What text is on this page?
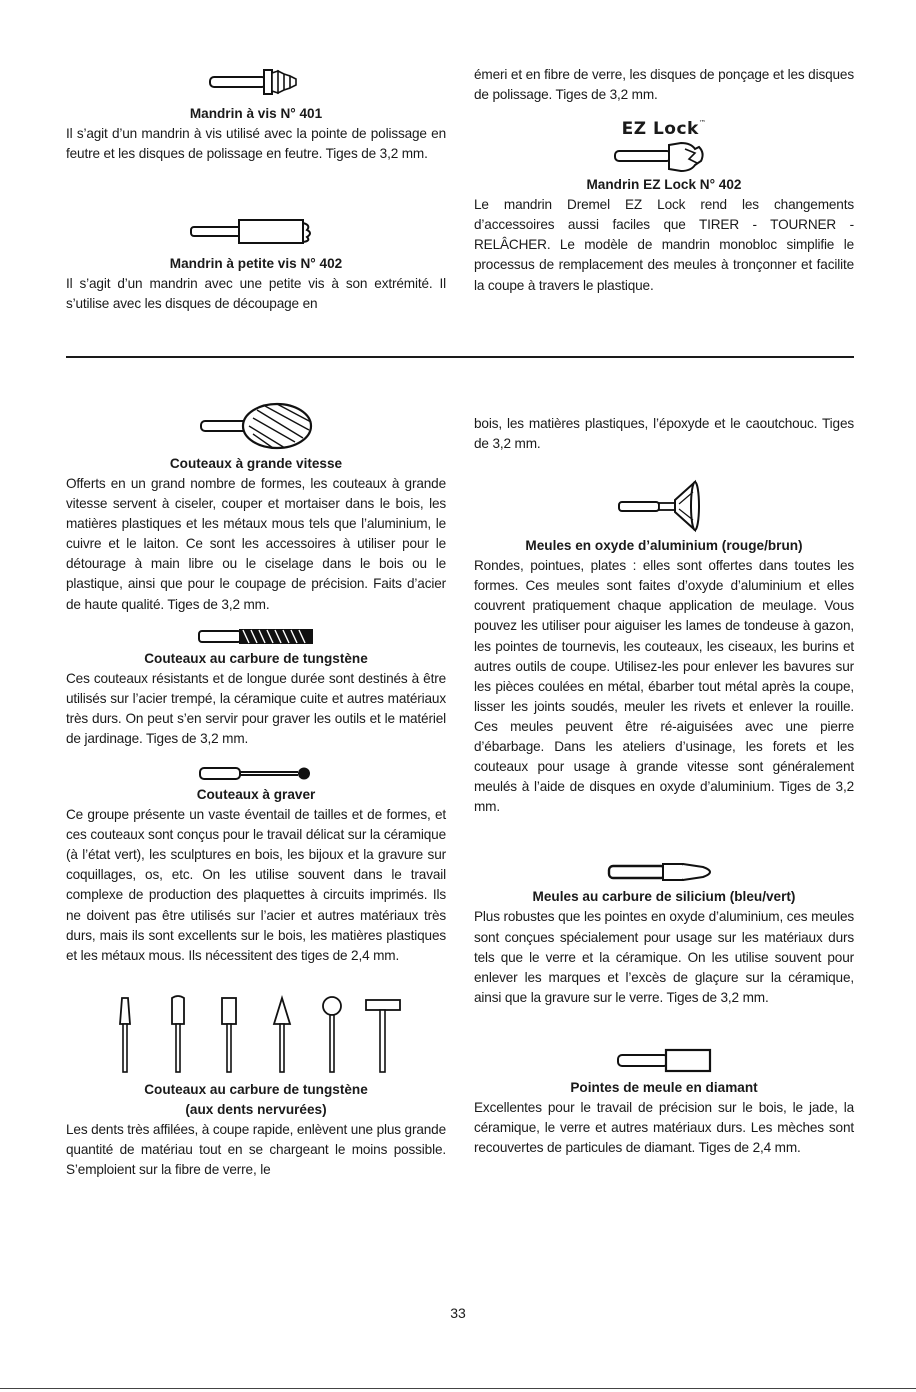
Mandrin à vis N° 401

Il s’agit d’un mandrin à vis utilisé avec la pointe de polissage en feutre et les disques de polissage en feutre. Tiges de 3,2 mm.

Mandrin à petite vis N° 402

Il s’agit d’un mandrin avec une petite vis à son extrémité. Il s’utilise avec les disques de découpage en

émeri et en fibre de verre, les disques de ponçage et les disques de polissage. Tiges de 3,2 mm.

EZ Lock™

Mandrin EZ Lock N° 402

Le mandrin Dremel EZ Lock rend les changements d’accessoires aussi faciles que TIRER - TOURNER - RELÂCHER. Le modèle de mandrin monobloc simplifie le processus de remplacement des meules à tronçonner et facilite la coupe à travers le plastique.

Couteaux à grande vitesse

Offerts en un grand nombre de formes, les couteaux à grande vitesse servent à ciseler, couper et mortaiser dans le bois, les matières plastiques et les métaux mous tels que l’aluminium, le cuivre et le laiton. Ce sont les accessoires à utiliser pour le détourage à main libre ou le ciselage dans le bois ou le plastique, ainsi que pour le coupage de précision. Faits d’acier de haute qualité. Tiges de 3,2 mm.

Couteaux au carbure de tungstène

Ces couteaux résistants et de longue durée sont destinés à être utilisés sur l’acier trempé, la céramique cuite et autres matériaux très durs. On peut s’en servir pour graver les outils et le matériel de jardinage. Tiges de 3,2 mm.

Couteaux à graver

Ce groupe présente un vaste éventail de tailles et de formes, et ces couteaux sont conçus pour le travail délicat sur la céramique (à l’état vert), les sculptures en bois, les bijoux et la gravure sur coquillages, os, etc. On les utilise souvent dans le travail complexe de production des plaquettes à circuits imprimés. Ils ne doivent pas être utilisés sur l’acier et autres matériaux très durs, mais ils sont excellents sur le bois, les matières plastiques et les métaux mous. Ils nécessitent des tiges de 2,4 mm.

Couteaux au carbure de tungstène

(aux dents nervurées)

Les dents très affilées, à coupe rapide, enlèvent une plus grande quantité de matériau tout en se chargeant le moins possible. S’emploient sur la fibre de verre, le

bois, les matières plastiques, l’époxyde et le caoutchouc. Tiges de 3,2 mm.

Meules en oxyde d’aluminium (rouge/brun)

Rondes, pointues, plates : elles sont offertes dans toutes les formes. Ces meules sont faites d’oxyde d’aluminium et elles couvrent pratiquement chaque application de meulage. Vous pouvez les utiliser pour aiguiser les lames de tondeuse à gazon, les pointes de tournevis, les couteaux, les ciseaux, les burins et autres outils de coupe. Utilisez-les pour enlever les bavures sur les pièces coulées en métal, ébarber tout métal après la coupe, lisser les joints soudés, meuler les rivets et enlever la rouille. Ces meules peuvent être ré-aiguisées avec une pierre d’ébarbage. Dans les ateliers d’usinage, les forets et les couteaux pour usage à grande vitesse sont généralement meulés à l’aide de disques en oxyde d’aluminium. Tiges de 3,2 mm.

Meules au carbure de silicium (bleu/vert)

Plus robustes que les pointes en oxyde d’aluminium, ces meules sont conçues spécialement pour usage sur les matériaux durs tels que le verre et la céramique. On les utilise souvent pour enlever les marques et l’excès de glaçure sur la céramique, ainsi que la gravure sur le verre. Tiges de 3,2 mm.

Pointes de meule en diamant

Excellentes pour le travail de précision sur le bois, le jade, la céramique, le verre et autres matériaux durs. Les mèches sont recouvertes de particules de diamant. Tiges de 2,4 mm.

33
